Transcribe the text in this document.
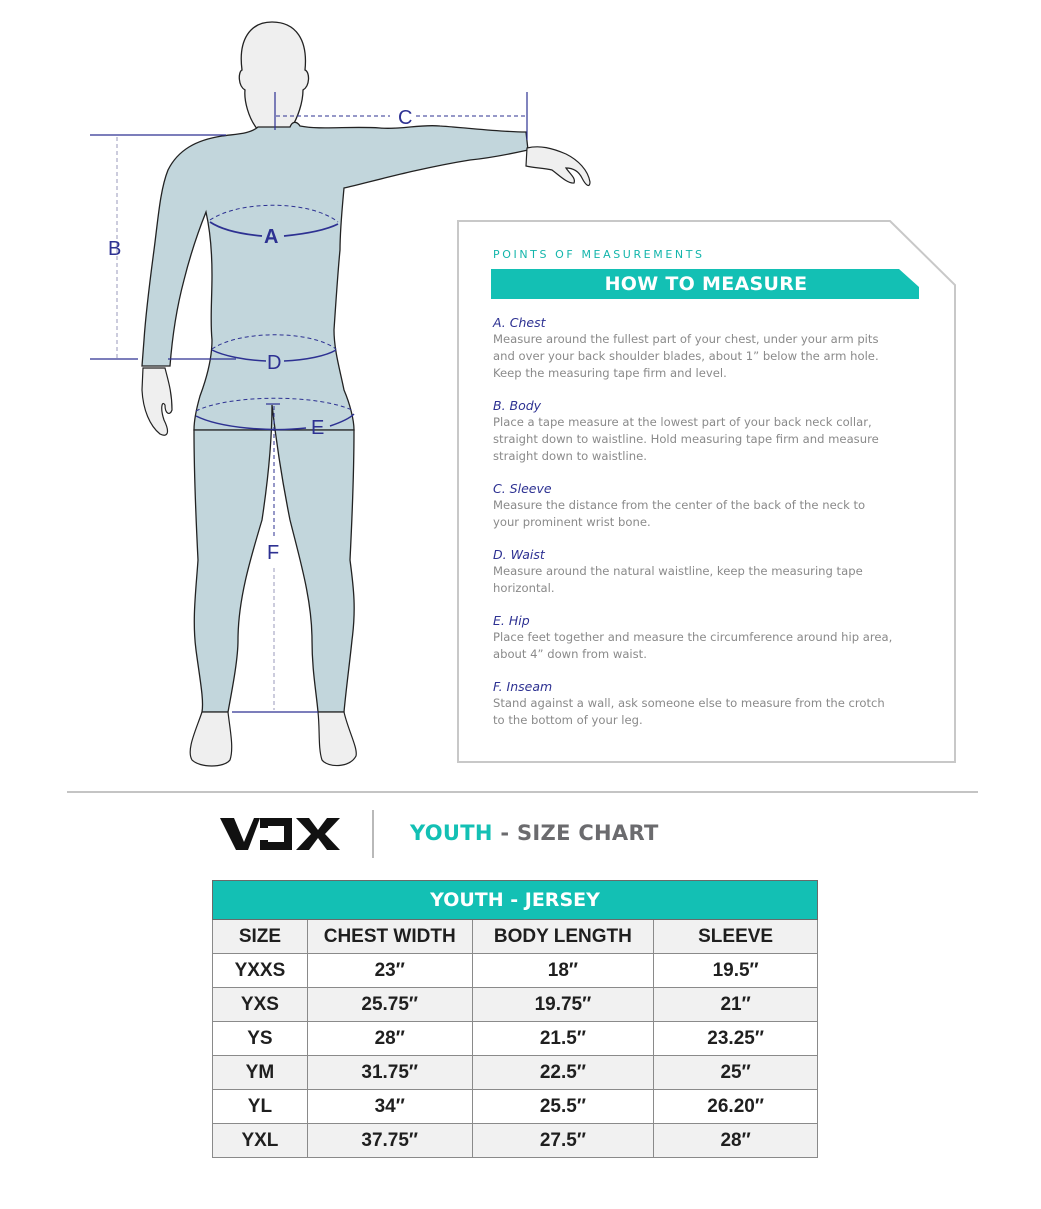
B
C
A
D
E
F
POINTS OF MEASUREMENTS
HOW TO MEASURE
A. Chest
Measure around the fullest part of your chest, under your arm pits
and over your back shoulder blades, about 1” below the arm hole.
Keep the measuring tape firm and level.
B. Body
Place a tape measure at the lowest part of your back neck collar,
straight down to waistline. Hold measuring tape firm and measure
straight down to waistline.
C. Sleeve
Measure the distance from the center of the back of the neck to
your prominent wrist bone.
D. Waist
Measure around the natural waistline, keep the measuring tape
horizontal.
E. Hip
Place feet together and measure the circumference around hip area,
about 4” down from waist.
F. Inseam
Stand against a wall, ask someone else to measure from the crotch
to the bottom of your leg.
YOUTH - SIZE CHART
YOUTH - JERSEY			
SIZE	CHEST WIDTH	BODY LENGTH	SLEEVE
YXXS	23″	18″	19.5″
YXS	25.75″	19.75″	21″
YS	28″	21.5″	23.25″
YM	31.75″	22.5″	25″
YL	34″	25.5″	26.20″
YXL	37.75″	27.5″	28″
